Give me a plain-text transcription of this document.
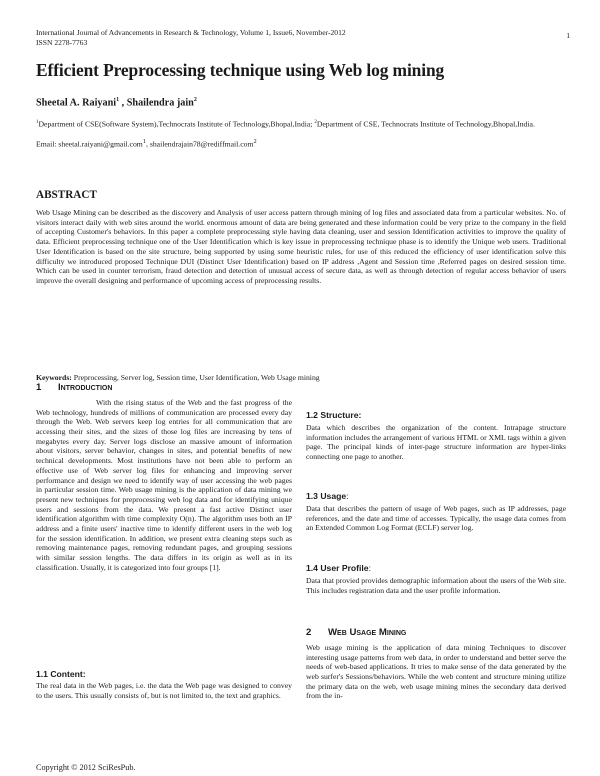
International Journal of Advancements in Research & Technology, Volume 1, Issue6, November-2012
ISSN 2278-7763
1
Efficient Preprocessing technique using Web log mining
Sheetal A. Raiyani$^1$ , Shailendra jain$^2$
$^1$Department of CSE(Software System),Technocrats Institute of Technology,Bhopal,India; $^2$Department of CSE, Technocrats Institute of Technology,Bhopal,India.
Email: sheetal.raiyani@gmail.com$^1$, shailendrajain78@rediffmail.com$^2$
ABSTRACT
Web Usage Mining can be described as the discovery and Analysis of user access pattern through mining of log files and associated data from a particular websites. No. of visitors interact daily with web sites around the world. enormous amount of data are being generated and these information could be very prize to the company in the field of accepting Customer's behaviors. In this paper a complete preprocessing style having data cleaning, user and session Identification activities to improve the quality of data. Efficient preprocessing technique one of the User Identification which is key issue in preprocessing technique phase is to identify the Unique web users. Traditional User Identification is based on the site structure, being supported by using some heuristic rules, for use of this reduced the efficiency of user identification solve this difficulty we introduced proposed Technique DUI (Distinct User Identification) based on IP address ,Agent and Session time ,Referred pages on desired session time. Which can be used in counter terrorism, fraud detection and detection of unusual access of secure data, as well as through detection of regular access behavior of users improve the overall designing and performance of upcoming access of preprocessing results.
Keywords: Preprocessing, Server log, Session time, User Identification, Web Usage mining
1 Introduction
With the rising status of the Web and the fast progress of the Web technology, hundreds of millions of communication are processed every day through the Web. Web servers keep log entries for all communication that are accessing their sites, and the sizes of those log files are increasing by tens of megabytes every day. Server logs disclose an massive amount of information about visitors, server behavior, changes in sites, and potential benefits of new technical developments. Most institutions have not been able to perform an effective use of Web server log files for enhancing and improving server performance and design we need to identify way of user accessing the web pages in particular session time. Web usage mining is the application of data mining we present new techniques for preprocessing web log data and for identifying unique users and sessions from the data. We present a fast active Distinct user identification algorithm with time complexity O(n). The algorithm uses both an IP address and a finite users' inactive time to identify different users in the web log for the session identification. In addition, we present extra cleaning steps such as removing maintenance pages, removing redundant pages, and grouping sessions with similar session lengths. The data differs in its origin as well as in its classification. Usually, it is categorized into four groups [1].
1.1 Content:
The real data in the Web pages, i.e. the data the Web page was designed to convey to the users. This usually consists of, but is not limited to, the text and graphics.
1.2 Structure:
Data which describes the organization of the content. Intrapage structure information includes the arrangement of various HTML or XML tags within a given page. The principal kinds of inter-page structure information are hyper-links connecting one page to another.
1.3 Usage:
Data that describes the pattern of usage of Web pages, such as IP addresses, page references, and the date and time of accesses. Typically, the usage data comes from an Extended Common Log Format (ECLF) server log.
1.4 User Profile:
Data that provied provides demographic information about the users of the Web site. This includes registration data and the user profile information.
2 Web Usage Mining
Web usage mining is the application of data mining Techniques to discover interesting usage patterns from web data, in order to understand and better serve the needs of web-based applications. It tries to make sense of the data generated by the web surfer's Sessions/behaviors. While the web content and structure mining utilize the primary data on the web, web usage mining mines the secondary data derived from the in-
Copyright © 2012 SciResPub.
